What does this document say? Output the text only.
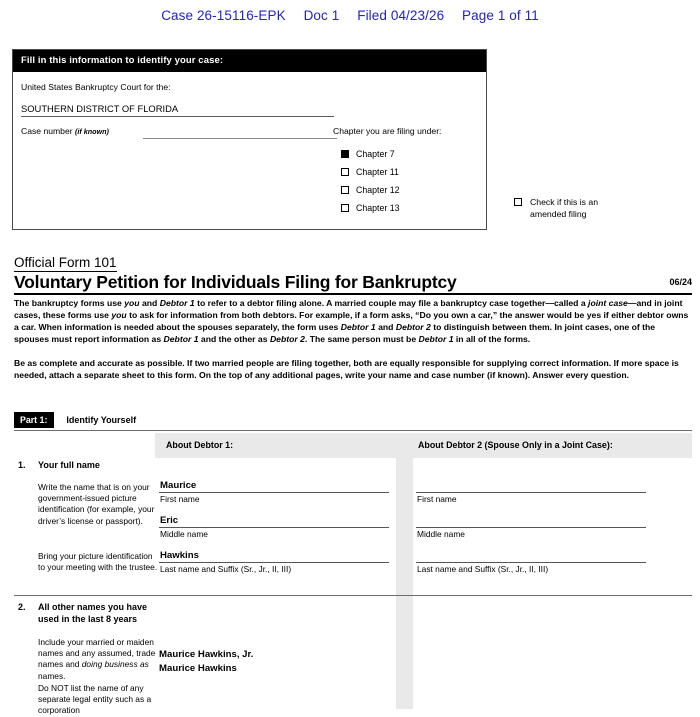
Case 26-15116-EPK Doc 1 Filed 04/23/26 Page 1 of 11
Fill in this information to identify your case:
United States Bankruptcy Court for the:
SOUTHERN DISTRICT OF FLORIDA
Case number (if known)	Chapter you are filing under:
Chapter 7
Chapter 11
Chapter 12
Chapter 13
Check if this is an
amended filing
Official Form 101
Voluntary Petition for Individuals Filing for Bankruptcy	06/24
The bankruptcy forms use you and Debtor 1 to refer to a debtor filing alone. A married couple may file a bankruptcy case together—called a joint case—and in joint cases, these forms use you to ask for information from both debtors. For example, if a form asks, “Do you own a car,” the answer would be yes if either debtor owns a car. When information is needed about the spouses separately, the form uses Debtor 1 and Debtor 2 to distinguish between them. In joint cases, one of the spouses must report information as Debtor 1 and the other as Debtor 2. The same person must be Debtor 1 in all of the forms.
Be as complete and accurate as possible. If two married people are filing together, both are equally responsible for supplying correct information. If more space is needed, attach a separate sheet to this form. On the top of any additional pages, write your name and case number (if known). Answer every question.
Part 1:	Identify Yourself
About Debtor 1:	About Debtor 2 (Spouse Only in a Joint Case):
1. Your full name
Write the name that is on your government-issued picture identification (for example, your driver’s license or passport).
Bring your picture identification to your meeting with the trustee.
Maurice
First name
Eric
Middle name
Hawkins
Last name and Suffix (Sr., Jr., II, III)
First name
Middle name
Last name and Suffix (Sr., Jr., II, III)
2. All other names you have used in the last 8 years
Include your married or maiden names and any assumed, trade names and doing business as names.
Do NOT list the name of any separate legal entity such as a corporation
Maurice Hawkins, Jr.
Maurice Hawkins
